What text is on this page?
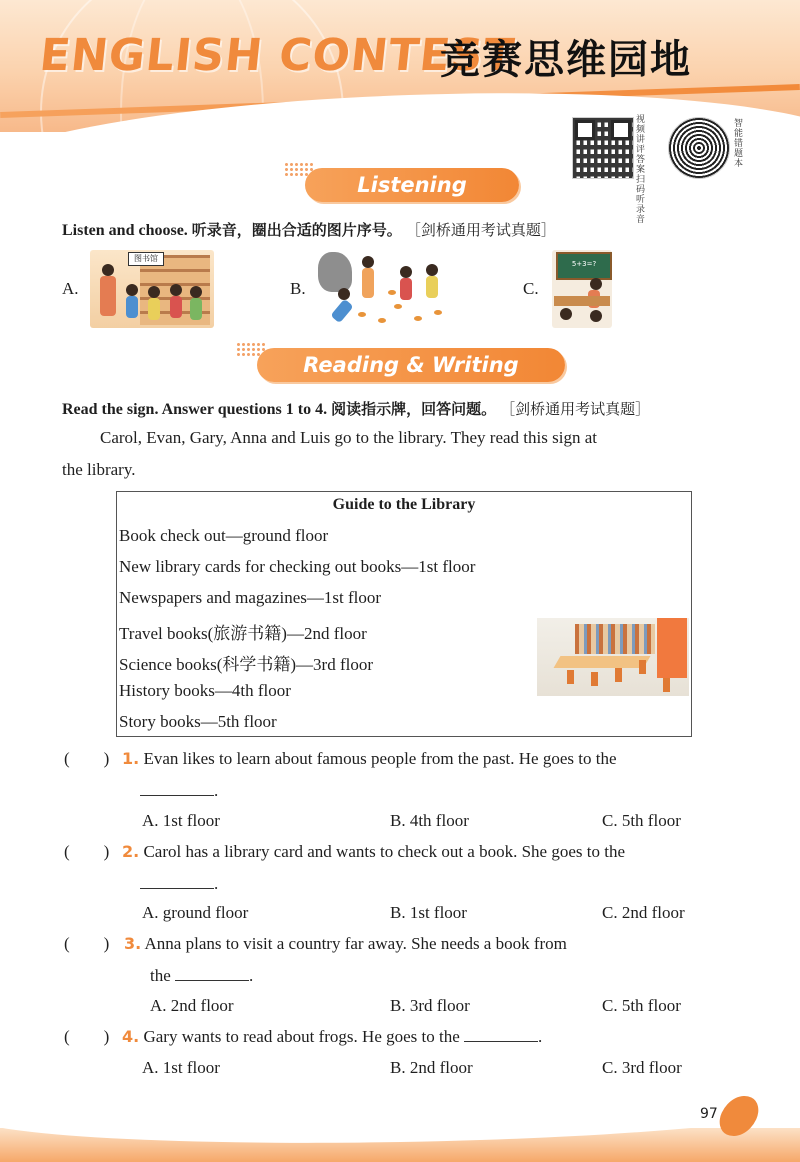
ENGLISH CONTEST
竞赛思维园地
视频讲评答案扫码听录音
智能错题本
Listening
Listen and choose. 听录音，圈出合适的图片序号。 ［剑桥通用考试真题］
A.
图书馆
B.	C.
5+3=?
Reading & Writing
Read the sign. Answer questions 1 to 4. 阅读指示牌，回答问题。 ［剑桥通用考试真题］
Carol, Evan, Gary, Anna and Luis go to the library. They read this sign at
the library.
Guide to the Library
Book check out—ground floor
New library cards for checking out books—1st floor
Newspapers and magazines—1st floor
Travel books(旅游书籍)—2nd floor
Science books(科学书籍)—3rd floor
History books—4th floor
Story books—5th floor
(        ) 1. Evan likes to learn about famous people from the past. He goes to the
.
A. 1st floor	B. 4th floor	C. 5th floor
(        ) 2. Carol has a library card and wants to check out a book. She goes to the
.
A. ground floor	B. 1st floor	C. 2nd floor
(        ) 3. Anna plans to visit a country far away. She needs a book from
the	.
A. 2nd floor	B. 3rd floor	C. 5th floor
(        ) 4. Gary wants to read about frogs. He goes to the	.
A. 1st floor	B. 2nd floor	C. 3rd floor
97
